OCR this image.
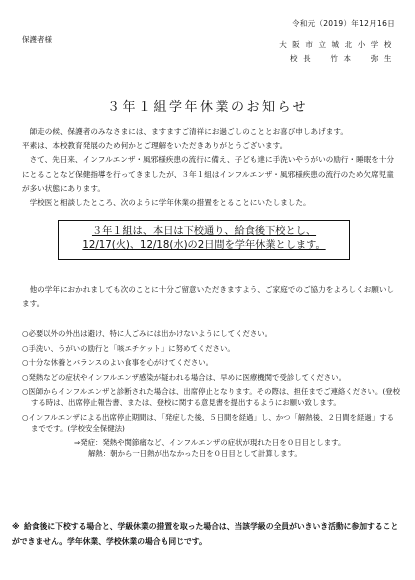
令和元（2019）年12月16日
保護者様
大 阪 市 立 城 北 小 学 校
校 長　　竹 本　　弥 生
３年１組学年休業のお知らせ

師走の候、保護者のみなさまには、ますますご清祥にお過ごしのこととお喜び申しあげます。

平素は、本校教育発展のため何かとご理解をいただきありがとうございます。

さて、先日来、インフルエンザ・風邪様疾患の流行に備え、子ども達に手洗いやうがいの励行・睡眠を十分にとることなど保健指導を行ってきましたが、３年１組はインフルエンザ・風邪様疾患の流行のため欠席児童が多い状態にあります。

学校医と相談したところ、次のように学年休業の措置をとることにいたしました。

３年１組は、本日は下校通り、給食後下校とし、
12/17(火)、12/18(水)の2日間を学年休業とします。

他の学年におかれましても次のことに十分ご留意いただきますよう、ご家庭でのご協力をよろしくお願いします。

○必要以外の外出は避け、特に人ごみには出かけないようにしてください。
○手洗い、うがいの励行と「咳エチケット」に努めてください。
○十分な休養とバランスのよい食事を心がけてください。
○発熱などの症状やインフルエンザ感染が疑われる場合は、早めに医療機関で受診してください。
○医師からインフルエンザと診断された場合は、出席停止となります。その際は、担任までご連絡ください。(登校する時は、出席停止報告書、または、登校に関する意見書を提出するようにお願い致します。
○インフルエンザによる出席停止期間は、「発症した後、５日間を経過」し、かつ「解熱後、２日間を経過」するまでです。(学校安全保健法)
⇒発症：発熱や関節痛など、インフルエンザの症状が現れた日を０日目とします。
解熱：朝から一日熱が出なかった日を０日目として計算します。
※ 給食後に下校する場合と、学級休業の措置を取った場合は、当該学級の全員がいきいき活動に参加することができません。学年休業、学校休業の場合も同じです。
